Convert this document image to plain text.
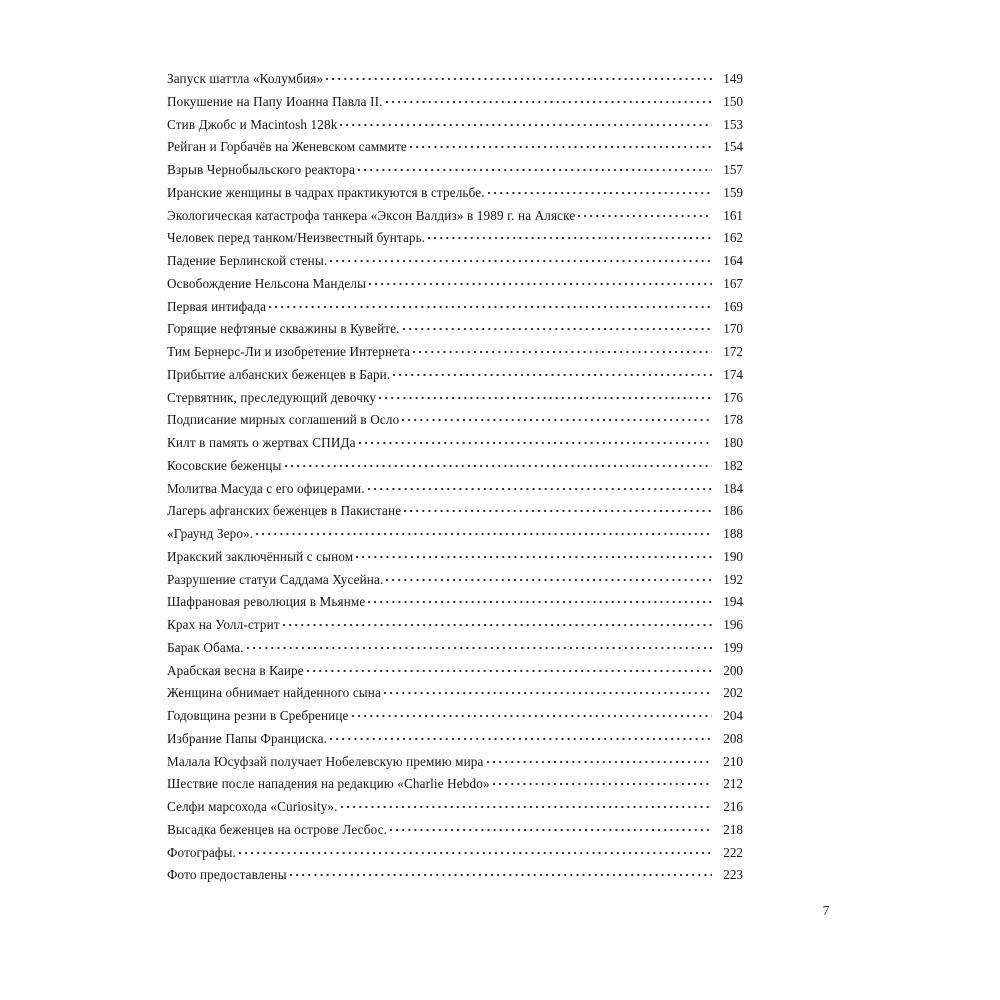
Запуск шаттла «Колумбия»	149
Покушение на Папу Иоанна Павла II.	150
Стив Джобс и Macintosh 128k	153
Рейган и Горбачёв на Женевском саммите	154
Взрыв Чернобыльского реактора	157
Иранские женщины в чадрах практикуются в стрельбе.	159
Экологическая катастрофа танкера «Эксон Валдиз» в 1989 г. на Аляске	161
Человек перед танком/Неизвестный бунтарь.	162
Падение Берлинской стены.	164
Освобождение Нельсона Манделы	167
Первая интифада	169
Горящие нефтяные скважины в Кувейте.	170
Тим Бернерс-Ли и изобретение Интернета	172
Прибытие албанских беженцев в Бари.	174
Стервятник, преследующий девочку	176
Подписание мирных соглашений в Осло	178
Килт в память о жертвах СПИДа	180
Косовские беженцы	182
Молитва Масуда с его офицерами.	184
Лагерь афганских беженцев в Пакистане	186
«Граунд Зеро».	188
Иракский заключённый с сыном	190
Разрушение статуи Саддама Хусейна.	192
Шафрановая революция в Мьянме	194
Крах на Уолл-стрит	196
Барак Обама.	199
Арабская весна в Каире	200
Женщина обнимает найденного сына	202
Годовщина резни в Сребренице	204
Избрание Папы Франциска.	208
Малала Юсуфзай получает Нобелевскую премию мира	210
Шествие после нападения на редакцию «Charlie Hebdo»	212
Селфи марсохода «Curiosity».	216
Высадка беженцев на острове Лесбос.	218
Фотографы.	222
Фото предоставлены	223
7
